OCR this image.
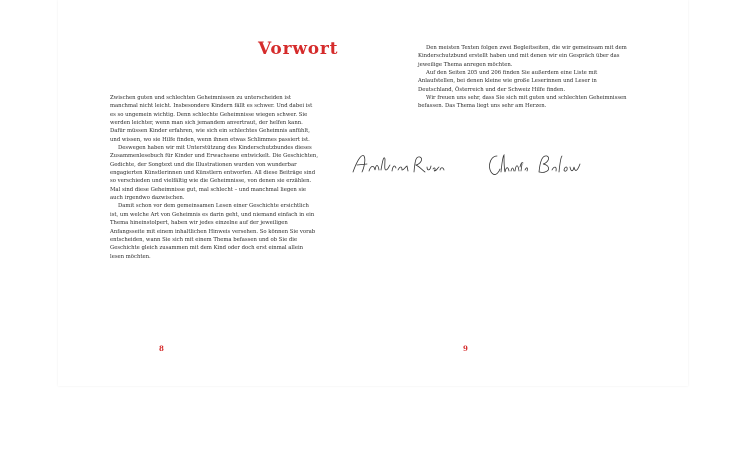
Vorwort

Zwischen guten und schlechten Geheimnissen zu unterscheiden ist manchmal nicht leicht. Insbesondere Kindern fällt es schwer. Und dabei ist es so ungemein wichtig. Denn schlechte Geheimnisse wiegen schwer. Sie werden leichter, wenn man sich jemandem anvertraut, der helfen kann. Dafür müssen Kinder erfahren, wie sich ein schlechtes Geheimnis anfühlt, und wissen, wo sie Hilfe finden, wenn ihnen etwas Schlimmes passiert ist.

Deswegen haben wir mit Unterstützung des Kinderschutzbundes dieses Zusammenlesebuch für Kinder und Erwachsene entwickelt. Die Geschichten, Gedichte, der Songtext und die Illustrationen wurden von wunderbar engagierten Künstlerinnen und Künstlern entworfen. All diese Beiträge sind so verschieden und vielfältig wie die Geheimnisse, von denen sie erzählen. Mal sind diese Geheimnisse gut, mal schlecht – und manchmal liegen sie auch irgendwo dazwischen.

Damit schon vor dem gemeinsamen Lesen einer Geschichte ersichtlich ist, um welche Art von Geheimnis es darin geht, und niemand einfach in ein Thema hineinstolpert, haben wir jedes einzelne auf der jeweiligen Anfangsseite mit einem inhaltlichen Hinweis versehen. So können Sie vorab entscheiden, wann Sie sich mit einem Thema befassen und ob Sie die Geschichte gleich zusammen mit dem Kind oder doch erst einmal allein lesen möchten.

Den meisten Texten folgen zwei Begleitseiten, die wir gemeinsam mit dem Kinderschutzbund erstellt haben und mit denen wir ein Gespräch über das jeweilige Thema anregen möchten.

Auf den Seiten 205 und 206 finden Sie außerdem eine Liste mit Anlaufstellen, bei denen kleine wie große Leserinnen und Leser in Deutschland, Österreich und der Schweiz Hilfe finden.

Wir freuen uns sehr, dass Sie sich mit guten und schlechten Geheimnissen befassen. Das Thema liegt uns sehr am Herzen.

8	9
